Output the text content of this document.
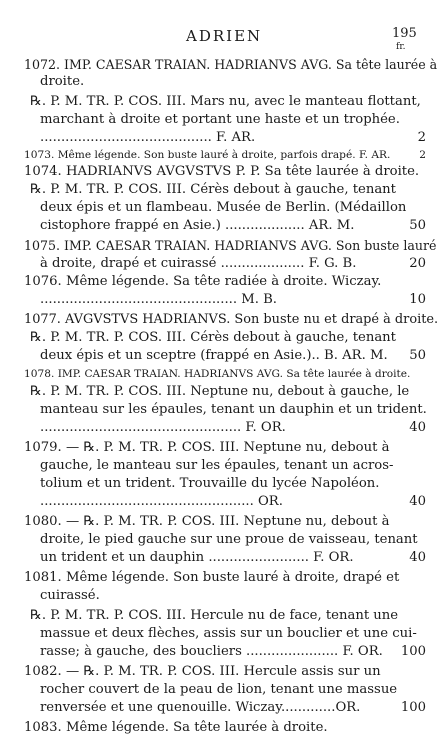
ADRIEN	195
fr.
1072. IMP. CAESAR TRAIAN. HADRIANVS AVG. Sa tête laurée à
droite.
℞. P. M. TR. P. COS. III. Mars nu, avec le manteau flottant,
marchant à droite et portant une haste et un trophée.
......................................... F. AR.	2
1073. Même légende. Son buste lauré à droite, parfois drapé. F. AR.	2
1074. HADRIANVS AVGVSTVS P. P. Sa tête laurée à droite.
℞. P. M. TR. P. COS. III. Cérès debout à gauche, tenant
deux épis et un flambeau. Musée de Berlin. (Médaillon
cistophore frappé en Asie.) ................... AR. M.	50
1075. IMP. CAESAR TRAIAN. HADRIANVS AVG. Son buste lauré
à droite, drapé et cuirassé .................... F. G. B.	20
1076. Même légende. Sa tête radiée à droite. Wiczay.
............................................... M. B.	10
1077. AVGVSTVS HADRIANVS. Son buste nu et drapé à droite.
℞. P. M. TR. P. COS. III. Cérès debout à gauche, tenant
deux épis et un sceptre (frappé en Asie.).. B. AR. M.	50
1078. IMP. CAESAR TRAIAN. HADRIANVS AVG. Sa tête laurée à droite.
℞. P. M. TR. P. COS. III. Neptune nu, debout à gauche, le
manteau sur les épaules, tenant un dauphin et un trident.
................................................ F. OR.	40
1079. — ℞. P. M. TR. P. COS. III. Neptune nu, debout à
gauche, le manteau sur les épaules, tenant un acros-
tolium et un trident. Trouvaille du lycée Napoléon.
................................................... OR.	40
1080. — ℞. P. M. TR. P. COS. III. Neptune nu, debout à
droite, le pied gauche sur une proue de vaisseau, tenant
un trident et un dauphin ........................ F. OR.	40
1081. Même légende. Son buste lauré à droite, drapé et
cuirassé.
℞. P. M. TR. P. COS. III. Hercule nu de face, tenant une
massue et deux flèches, assis sur un bouclier et une cui-
rasse; à gauche, des boucliers ...................... F. OR. 100
1082. — ℞. P. M. TR. P. COS. III. Hercule assis sur un
rocher couvert de la peau de lion, tenant une massue
renversée et une quenouille. Wiczay.............OR.	100
1083. Même légende. Sa tête laurée à droite.
